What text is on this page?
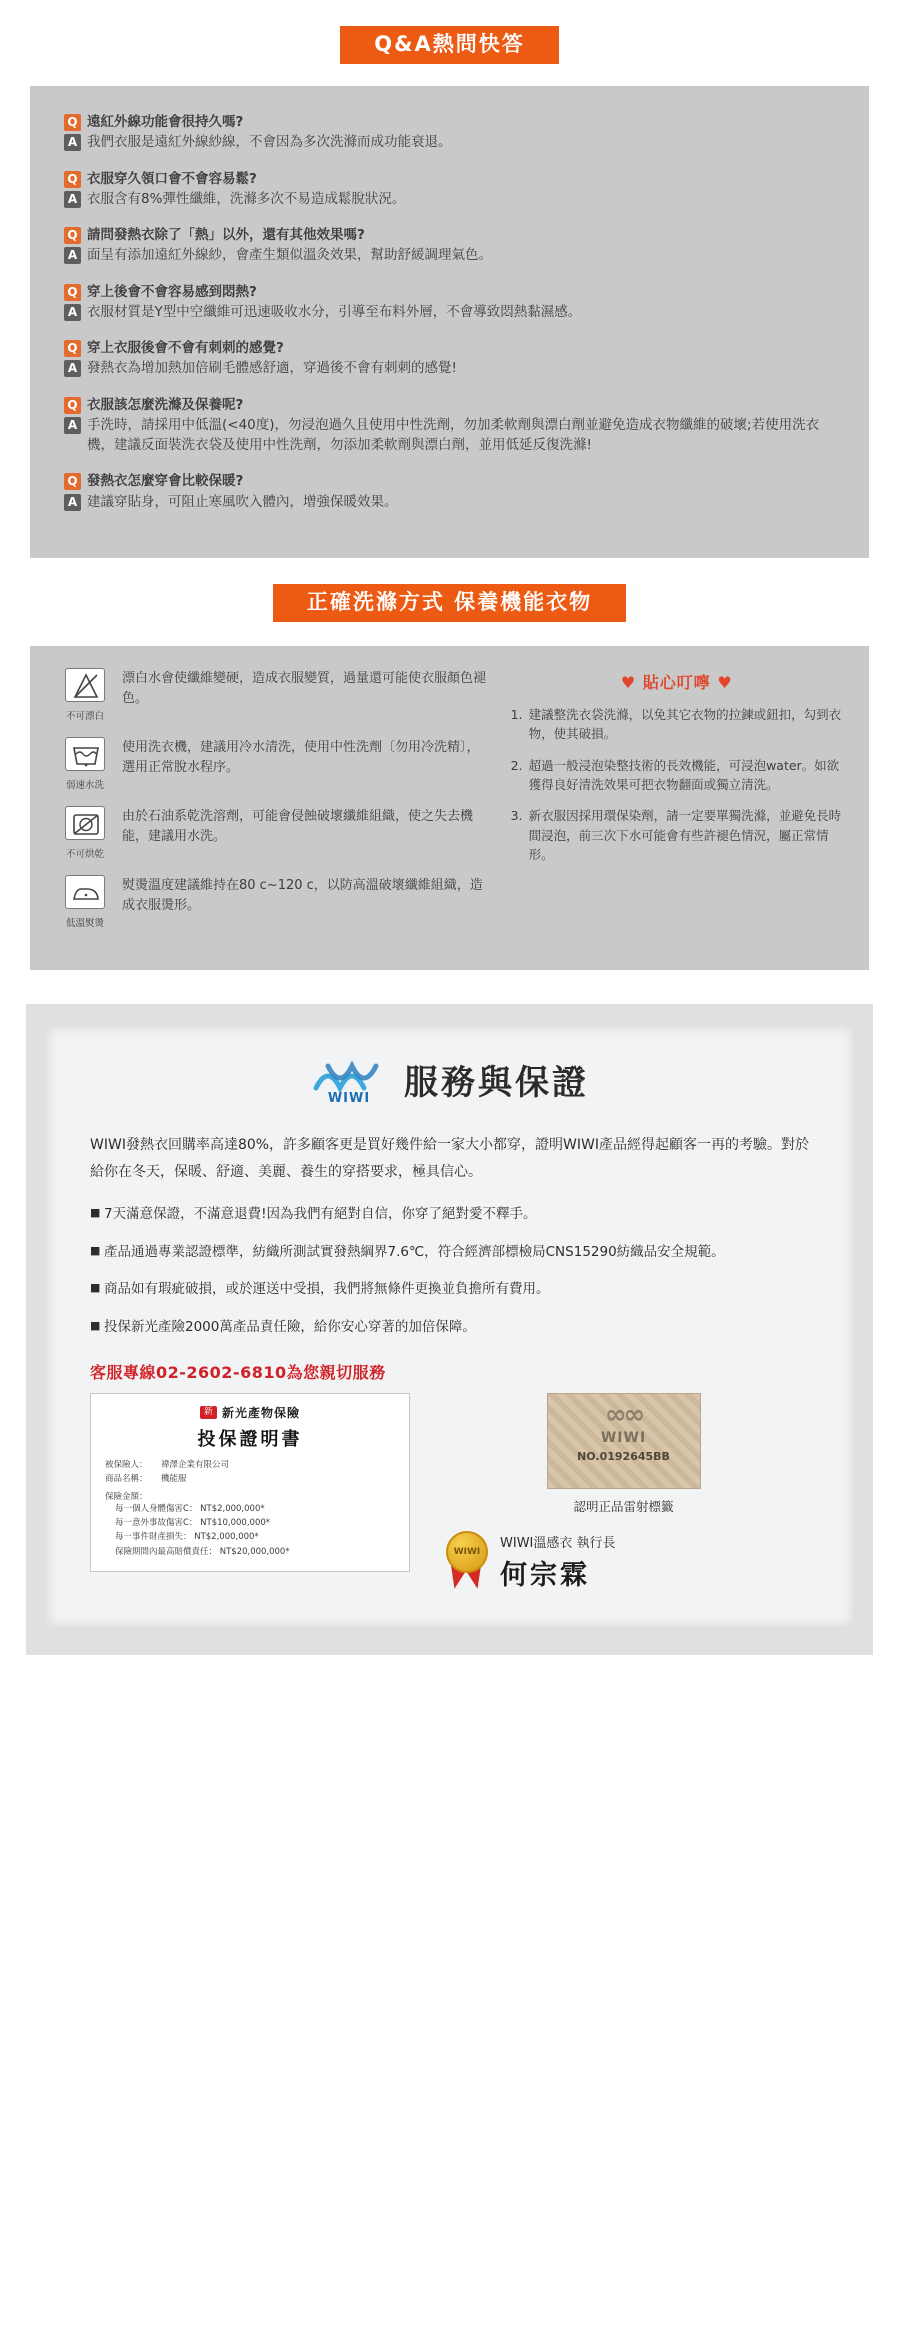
Q&A熱問快答
Q 遠紅外線功能會很持久嗎?
A 我們衣服是遠紅外線紗線，不會因為多次洗滌而成功能衰退。
Q 衣服穿久領口會不會容易鬆?
A 衣服含有8%彈性纖維，洗滌多次不易造成鬆脫狀況。
Q 請問發熱衣除了「熱」以外，還有其他效果嗎?
A 面呈有添加遠紅外線紗，會產生類似溫灸效果，幫助舒緩調理氣色。
Q 穿上後會不會容易感到悶熱?
A 衣服材質是Y型中空纖維可迅速吸收水分，引導至布料外層，不會導致悶熱黏濕感。
Q 穿上衣服後會不會有刺刺的感覺?
A 發熱衣為增加熱加倍刷毛體感舒適，穿過後不會有刺刺的感覺!
Q 衣服該怎麼洗滌及保養呢?
A 手洗時，請採用中低溫(<40度)，勿浸泡過久且使用中性洗劑，勿加柔軟劑與漂白劑並避免造成衣物纖維的破壞;若使用洗衣機，建議反面裝洗衣袋及使用中性洗劑，勿添加柔軟劑與漂白劑，並用低延反復洗滌!
Q 發熱衣怎麼穿會比較保暖?
A 建議穿貼身，可阻止寒風吹入體內，增強保暖效果。
正確洗滌方式 保養機能衣物
不可漂白
漂白水會使纖維變硬，造成衣服變質，過量還可能使衣服顏色褪色。
弱速水洗
使用洗衣機，建議用冷水清洗，使用中性洗劑〔勿用冷洗精〕，選用正常脫水程序。
不可烘乾
由於石油系乾洗溶劑，可能會侵蝕破壞纖維組織，使之失去機能，建議用水洗。
低溫熨燙
熨燙溫度建議維持在80 c~120 c，以防高溫破壞纖維組織，造成衣服燙形。
♥ 貼心叮嚀 ♥
1. 建議整洗衣袋洗滌，以免其它衣物的拉鍊或鈕扣，勾到衣物，使其破損。
2. 超過一般浸泡染整技術的長效機能，可浸泡water。如欲獲得良好清洗效果可把衣物翻面或獨立清洗。
3. 新衣服因採用環保染劑，請一定要單獨洗滌，並避免長時間浸泡，前三次下水可能會有些許褪色情況，屬正常情形。
WIWI 服務與保證
WIWI發熱衣回購率高達80%，許多顧客更是買好幾件給一家大小都穿，證明WIWI產品經得起顧客一再的考驗。對於給你在冬天，保暖、舒適、美麗、養生的穿搭要求，極具信心。
■ 7天滿意保證，不滿意退費!因為我們有絕對自信，你穿了絕對愛不釋手。
■ 產品通過專業認證標準，紡織所測試實發熱綱界7.6℃，符合經濟部標檢局CNS15290紡織品安全規範。
■ 商品如有瑕疵破損，或於運送中受損，我們將無條件更換並負擔所有費用。
■ 投保新光產險2000萬產品責任險，給你安心穿著的加倍保障。
客服專線02-2602-6810為您親切服務
新 新光產物保險
投保證明書
被保險人： 禕澤企業有限公司
商品名稱： 機能服
保險金額：
每一個人身體傷害C： NT$2,000,000*
每一意外事故傷害C： NT$10,000,000*
每一事件財產損失： NT$2,000,000*
保險期間內最高賠償責任： NT$20,000,000*
∞∞
WIWI
NO.0192645BB
認明正品雷射標籤
WIWI
WIWI溫感衣 執行長
何宗霖
